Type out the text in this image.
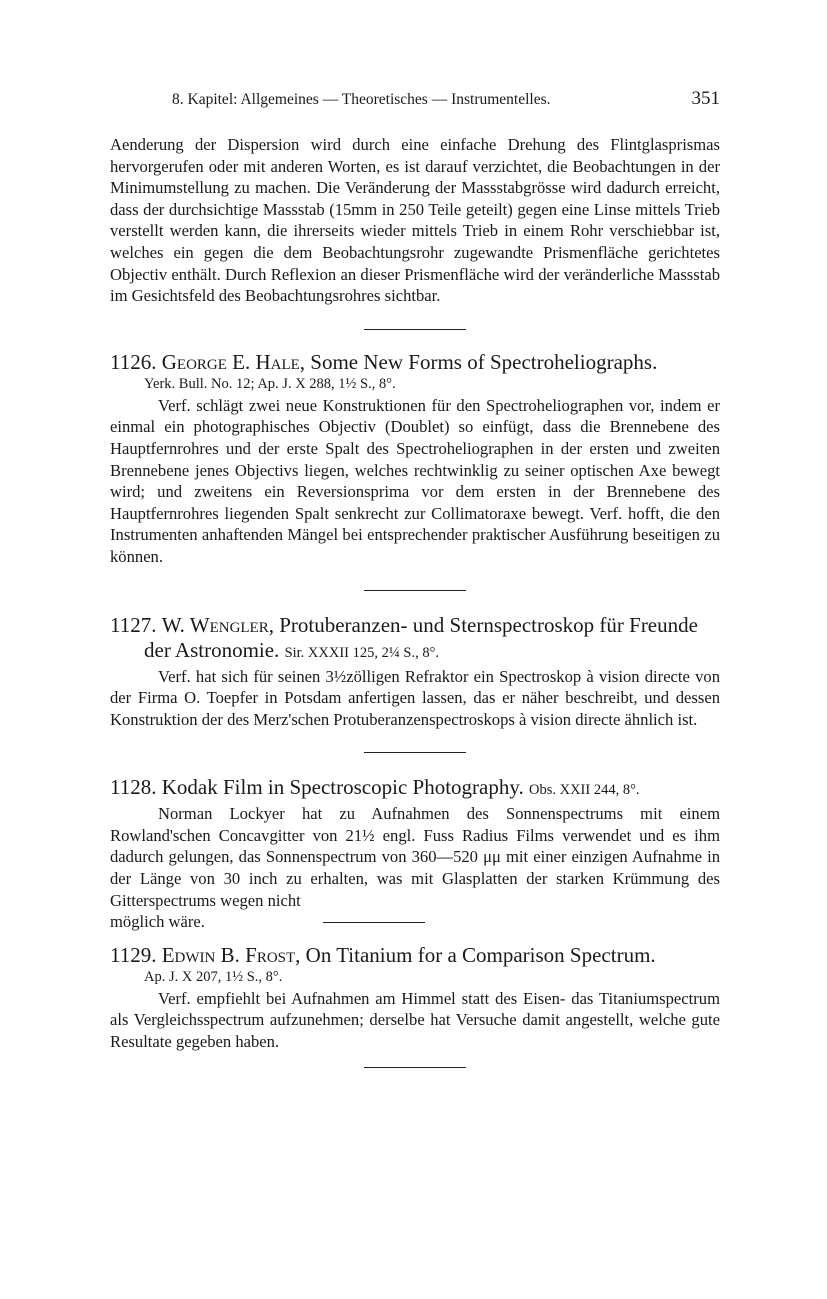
8. Kapitel: Allgemeines — Theoretisches — Instrumentelles.	351

Aenderung der Dispersion wird durch eine einfache Drehung des Flintglasprismas hervorgerufen oder mit anderen Worten, es ist darauf verzichtet, die Beobachtungen in der Minimumstellung zu machen. Die Veränderung der Massstabgrösse wird dadurch erreicht, dass der durchsichtige Massstab (15mm in 250 Teile geteilt) gegen eine Linse mittels Trieb verstellt werden kann, die ihrerseits wieder mittels Trieb in einem Rohr verschiebbar ist, welches ein gegen die dem Beobachtungsrohr zugewandte Prismenfläche gerichtetes Objectiv enthält. Durch Reflexion an dieser Prismenfläche wird der veränderliche Massstab im Gesichtsfeld des Beobachtungsrohres sichtbar.

1126. George E. Hale, Some New Forms of Spectroheliographs.

Yerk. Bull. No. 12; Ap. J. X 288, 1½ S., 8°.

Verf. schlägt zwei neue Konstruktionen für den Spectroheliographen vor, indem er einmal ein photographisches Objectiv (Doublet) so einfügt, dass die Brennebene des Hauptfernrohres und der erste Spalt des Spectroheliographen in der ersten und zweiten Brennebene jenes Objectivs liegen, welches rechtwinklig zu seiner optischen Axe bewegt wird; und zweitens ein Reversionsprima vor dem ersten in der Brennebene des Hauptfernrohres liegenden Spalt senkrecht zur Collimatoraxe bewegt. Verf. hofft, die den Instrumenten anhaftenden Mängel bei entsprechender praktischer Ausführung beseitigen zu können.

1127. W. Wengler, Protuberanzen- und Sternspectroskop für Freunde

der Astronomie. Sir. XXXII 125, 2¼ S., 8°.

Verf. hat sich für seinen 3½zölligen Refraktor ein Spectroskop à vision directe von der Firma O. Toepfer in Potsdam anfertigen lassen, das er näher beschreibt, und dessen Konstruktion der des Merz'schen Protuberanzenspectroskops à vision directe ähnlich ist.

1128. Kodak Film in Spectroscopic Photography. Obs. XXII 244, 8°.

Norman Lockyer hat zu Aufnahmen des Sonnenspectrums mit einem Rowland'schen Concavgitter von 21½ engl. Fuss Radius Films verwendet und es ihm dadurch gelungen, das Sonnenspectrum von 360—520 μμ mit einer einzigen Aufnahme in der Länge von 30 inch zu erhalten, was mit Glasplatten der starken Krümmung des Gitterspectrums wegen nicht

möglich wäre.

1129. Edwin B. Frost, On Titanium for a Comparison Spectrum.

Ap. J. X 207, 1½ S., 8°.

Verf. empfiehlt bei Aufnahmen am Himmel statt des Eisen- das Titaniumspectrum als Vergleichsspectrum aufzunehmen; derselbe hat Versuche damit angestellt, welche gute Resultate gegeben haben.
